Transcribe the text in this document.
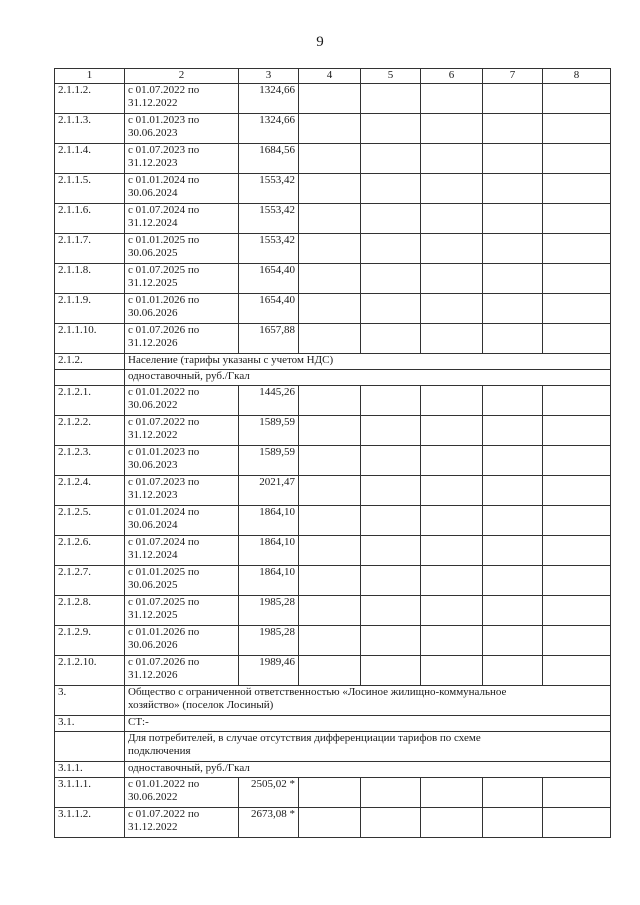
9
1	2	3	4	5	6	7	8
2.1.1.2.	с 01.07.2022 по
31.12.2022	1324,66					
2.1.1.3.	с 01.01.2023 по
30.06.2023	1324,66					
2.1.1.4.	с 01.07.2023 по
31.12.2023	1684,56					
2.1.1.5.	с 01.01.2024 по
30.06.2024	1553,42					
2.1.1.6.	с 01.07.2024 по
31.12.2024	1553,42					
2.1.1.7.	с 01.01.2025 по
30.06.2025	1553,42					
2.1.1.8.	с 01.07.2025 по
31.12.2025	1654,40					
2.1.1.9.	с 01.01.2026 по
30.06.2026	1654,40					
2.1.1.10.	с 01.07.2026 по
31.12.2026	1657,88					
2.1.2.	Население (тарифы указаны с учетом НДС)						
	одноставочный, руб./Гкал						
2.1.2.1.	с 01.01.2022 по
30.06.2022	1445,26					
2.1.2.2.	с 01.07.2022 по
31.12.2022	1589,59					
2.1.2.3.	с 01.01.2023 по
30.06.2023	1589,59					
2.1.2.4.	с 01.07.2023 по
31.12.2023	2021,47					
2.1.2.5.	с 01.01.2024 по
30.06.2024	1864,10					
2.1.2.6.	с 01.07.2024 по
31.12.2024	1864,10					
2.1.2.7.	с 01.01.2025 по
30.06.2025	1864,10					
2.1.2.8.	с 01.07.2025 по
31.12.2025	1985,28					
2.1.2.9.	с 01.01.2026 по
30.06.2026	1985,28					
2.1.2.10.	с 01.07.2026 по
31.12.2026	1989,46					
3.	Общество с ограниченной ответственностью «Лосиное жилищно-коммунальное
хозяйство» (поселок Лосиный)						

3.1.	СТ:-						

	Для потребителей, в случае отсутствия дифференциации тарифов по схеме
подключения						

3.1.1.	одноставочный, руб./Гкал						
3.1.1.1.	с 01.01.2022 по
30.06.2022	2505,02 *					
3.1.1.2.	с 01.07.2022 по
31.12.2022	2673,08 *					
